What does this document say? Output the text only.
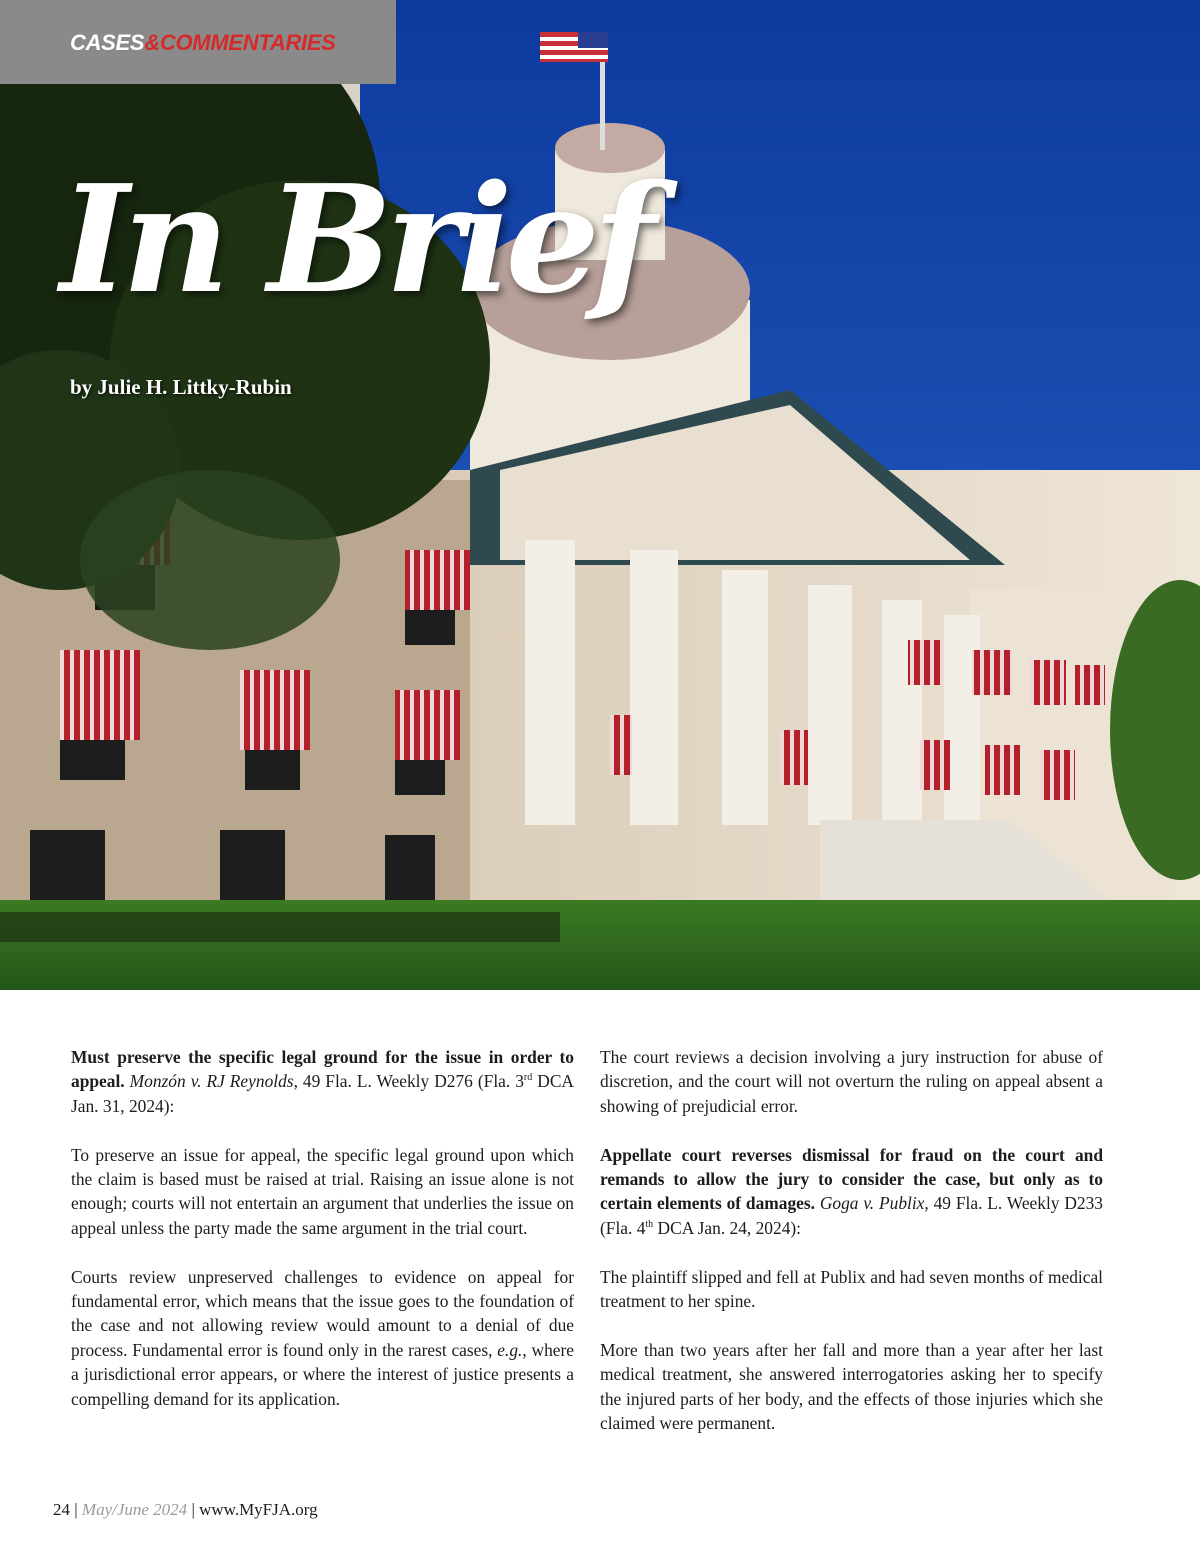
CASES&COMMENTARIES
In Brief
by Julie H. Littky-Rubin

Must preserve the specific legal ground for the issue in order to appeal. Monzón v. RJ Reynolds, 49 Fla. L. Weekly D276 (Fla. 3rd DCA Jan. 31, 2024):

To preserve an issue for appeal, the specific legal ground upon which the claim is based must be raised at trial. Raising an issue alone is not enough; courts will not entertain an argument that underlies the issue on appeal unless the party made the same argument in the trial court.

Courts review unpreserved challenges to evidence on appeal for fundamental error, which means that the issue goes to the foundation of the case and not allowing review would amount to a denial of due process. Fundamental error is found only in the rarest cases, e.g., where a jurisdictional error appears, or where the interest of justice presents a compelling demand for its application.

The court reviews a decision involving a jury instruction for abuse of discretion, and the court will not overturn the ruling on appeal absent a showing of prejudicial error.

Appellate court reverses dismissal for fraud on the court and remands to allow the jury to consider the case, but only as to certain elements of damages. Goga v. Publix, 49 Fla. L. Weekly D233 (Fla. 4th DCA Jan. 24, 2024):

The plaintiff slipped and fell at Publix and had seven months of medical treatment to her spine.

More than two years after her fall and more than a year after her last medical treatment, she answered interrogatories asking her to specify the injured parts of her body, and the effects of those injuries which she claimed were permanent.

24 | May/June 2024 | www.MyFJA.org
